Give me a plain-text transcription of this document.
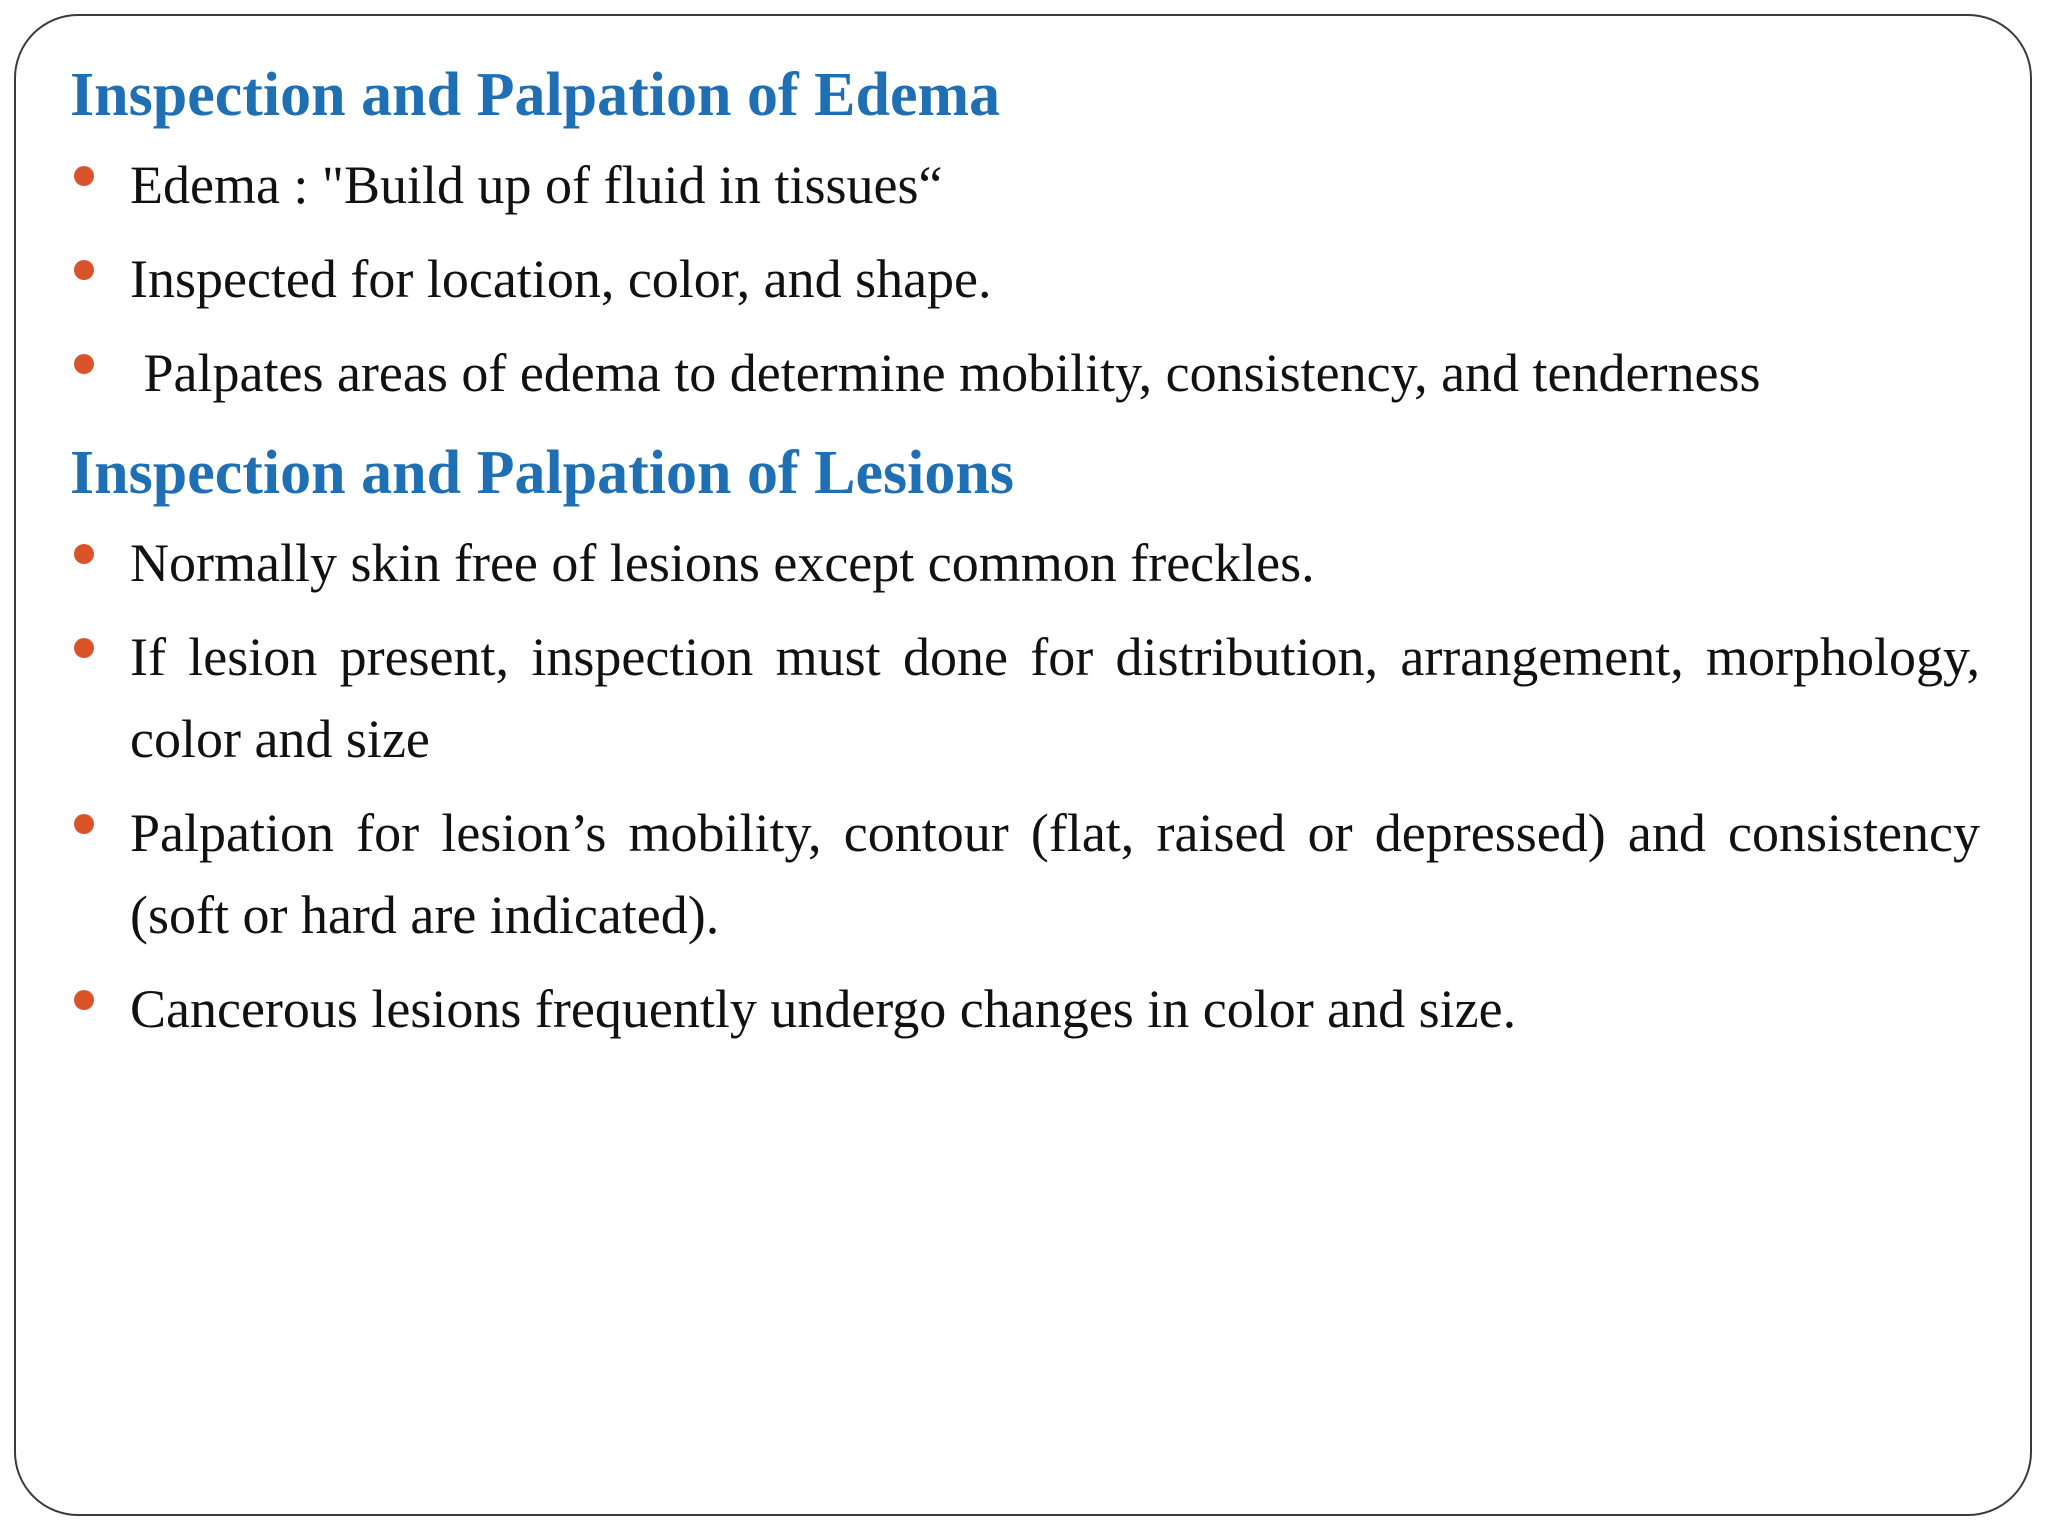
Inspection and Palpation of Edema
Edema : "Build up of fluid in tissues“
Inspected for location, color, and shape.
Palpates areas of edema to determine mobility, consistency, and tenderness
Inspection and Palpation of Lesions
Normally skin free of lesions except common freckles.
If lesion present, inspection must done for distribution, arrangement, morphology, color and size
Palpation for lesion’s mobility, contour (flat, raised or depressed) and consistency  (soft or hard are indicated).
Cancerous lesions frequently undergo changes in color and size.
